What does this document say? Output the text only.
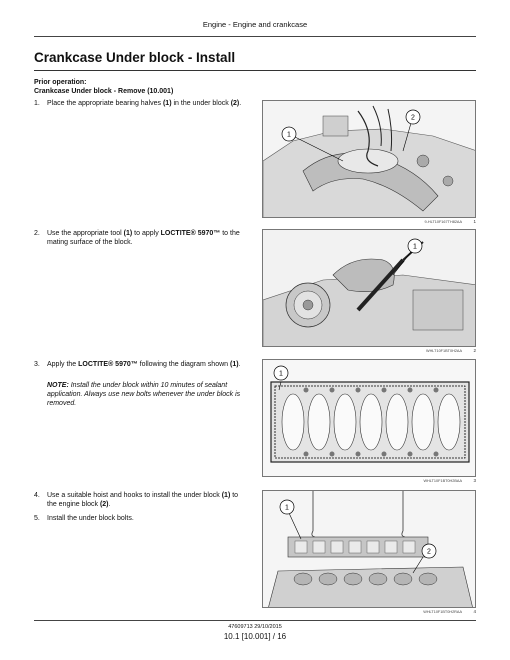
Engine - Engine and crankcase
Crankcase Under block - Install
Prior operation:
Crankcase Under block - Remove (10.001)
1. Place the appropriate bearing halves (1) in the under block (2).
2. Use the appropriate tool (1) to apply LOCTITE® 5970™ to the mating surface of the block.
3. Apply the LOCTITE® 5970™ following the diagram shown (1).
NOTE: Install the under block within 10 minutes of sealant application. Always use new bolts whenever the under block is removed.
4. Use a suitable hoist and hooks to install the under block (1) to the engine block (2).
5. Install the under block bolts.
1
2
9-HLT10F167TH82AA	1
1
WHLT10F1BT0H2AA	2
1
WHLT10F1BT0H2BAA	3
1
2
WHLT10F1BT0H2RAA	4
47609713 29/10/2015
10.1 [10.001] / 16
